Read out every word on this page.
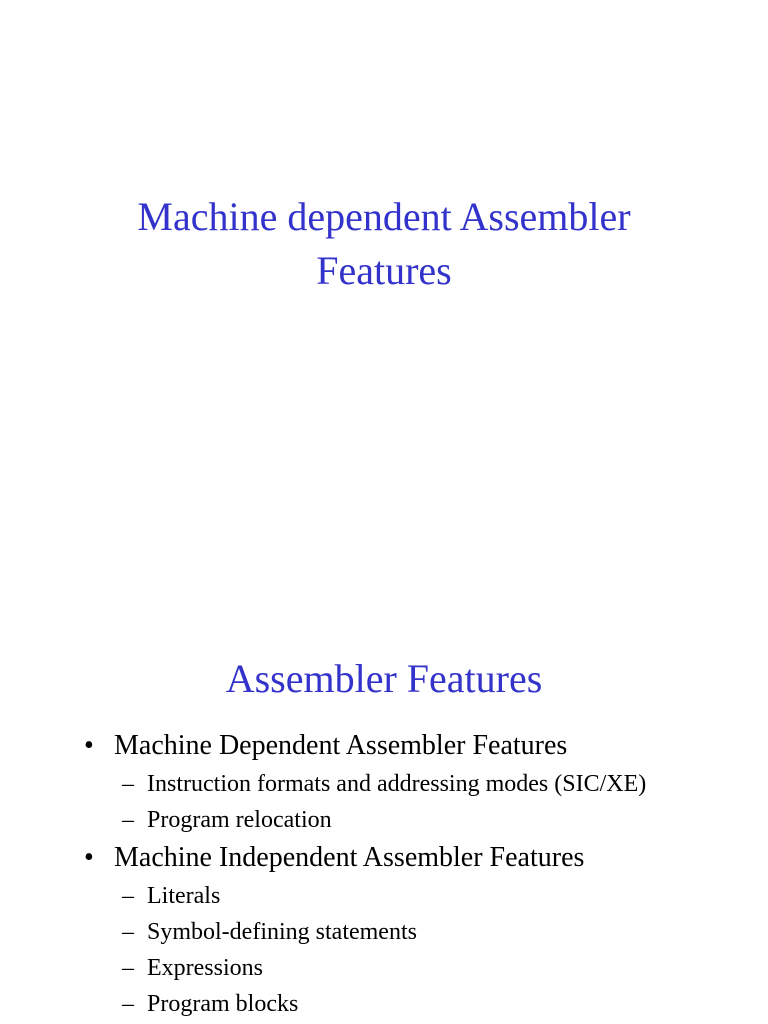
Machine dependent Assembler
Features
Assembler Features
• Machine Dependent Assembler Features
– Instruction formats and addressing modes (SIC/XE)
– Program relocation
• Machine Independent Assembler Features
– Literals
– Symbol-defining statements
– Expressions
– Program blocks
